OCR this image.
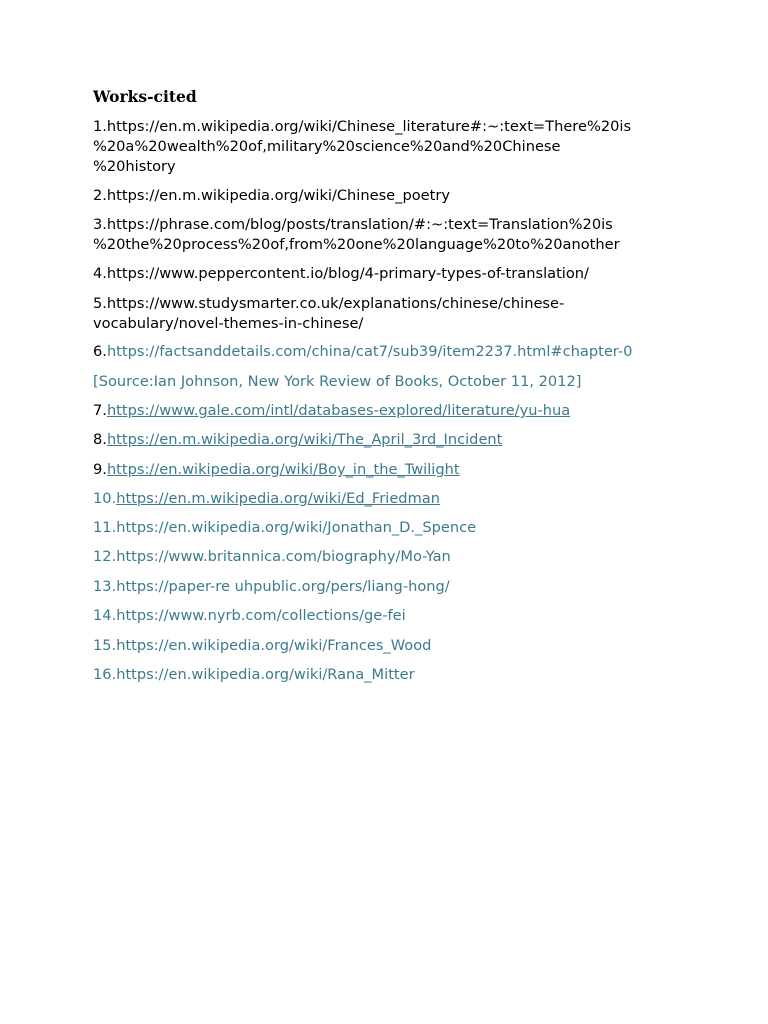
Works-cited
1.https://en.m.wikipedia.org/wiki/Chinese_literature#:~:text=There%20is
%20a%20wealth%20of,military%20science%20and%20Chinese
%20history
2.https://en.m.wikipedia.org/wiki/Chinese_poetry
3.https://phrase.com/blog/posts/translation/#:~:text=Translation%20is
%20the%20process%20of,from%20one%20language%20to%20another
4.https://www.peppercontent.io/blog/4-primary-types-of-translation/
5.https://www.studysmarter.co.uk/explanations/chinese/chinese-
vocabulary/novel-themes-in-chinese/
6.https://factsanddetails.com/china/cat7/sub39/item2237.html#chapter-0
[Source:Ian Johnson, New York Review of Books, October 11, 2012]
7.https://www.gale.com/intl/databases-explored/literature/yu-hua
8.https://en.m.wikipedia.org/wiki/The_April_3rd_Incident
9.https://en.wikipedia.org/wiki/Boy_in_the_Twilight
10.https://en.m.wikipedia.org/wiki/Ed_Friedman
11.https://en.wikipedia.org/wiki/Jonathan_D._Spence
12.https://www.britannica.com/biography/Mo-Yan
13.https://paper-re uhpublic.org/pers/liang-hong/
14.https://www.nyrb.com/collections/ge-fei
15.https://en.wikipedia.org/wiki/Frances_Wood
16.https://en.wikipedia.org/wiki/Rana_Mitter
